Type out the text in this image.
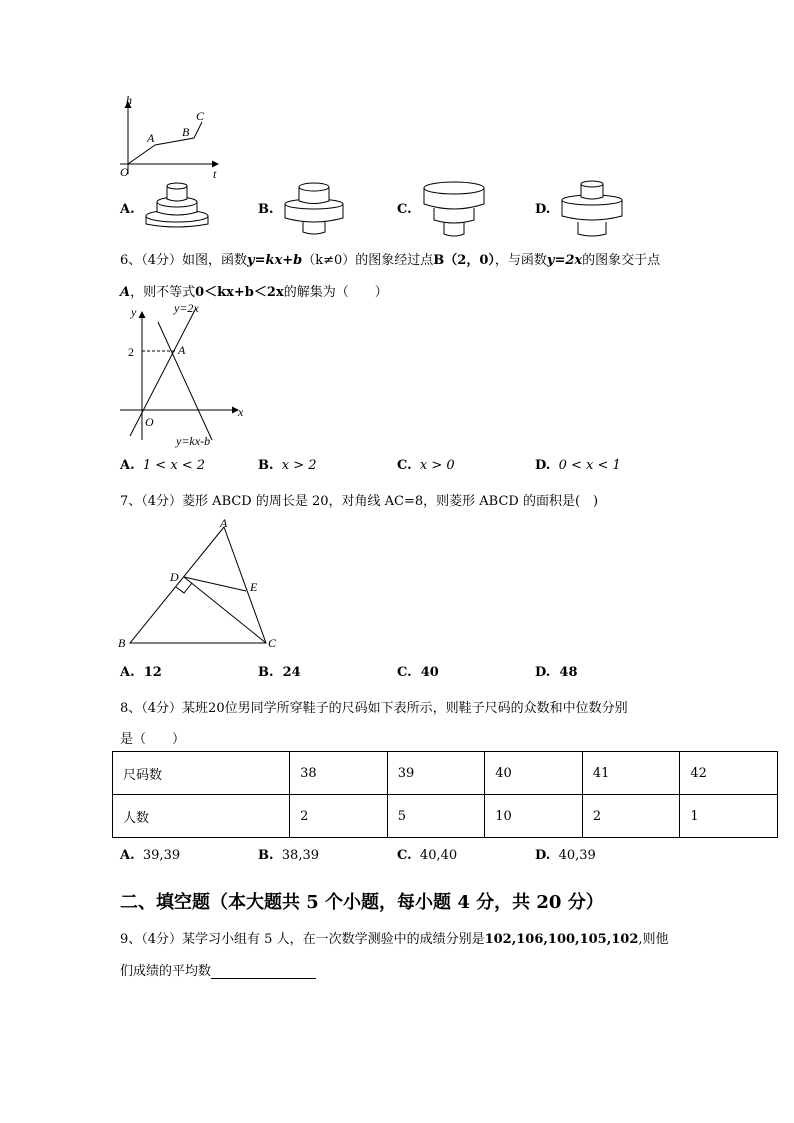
h
t
O
A B
C
A.	B.	C.	D.
6、（4分）如图，函数y=kx+b（k≠0）的图象经过点B（2，0），与函数y=2x的图象交于点
A，则不等式0＜kx+b＜2x的解集为（　　）
y
x
O
2	A
y=2x
y=kx-b
A. 1 < x < 2	B. x > 2	C. x > 0	D. 0 < x < 1
7、（4分）菱形 ABCD 的周长是 20，对角线 AC=8，则菱形 ABCD 的面积是(　)
A
B	C
D
E
A. 12	B. 24	C. 40	D. 48
8、（4分）某班20位男同学所穿鞋子的尺码如下表所示，则鞋子尺码的众数和中位数分别
是（　　）
尺码数	38	39	40	41	42
人数	2	5	10	2	1
A. 39,39	B. 38,39	C. 40,40	D. 40,39
二、填空题（本大题共 5 个小题，每小题 4 分，共 20 分）
9、（4分）某学习小组有 5 人，在一次数学测验中的成绩分别是102,106,100,105,102,则他
们成绩的平均数
